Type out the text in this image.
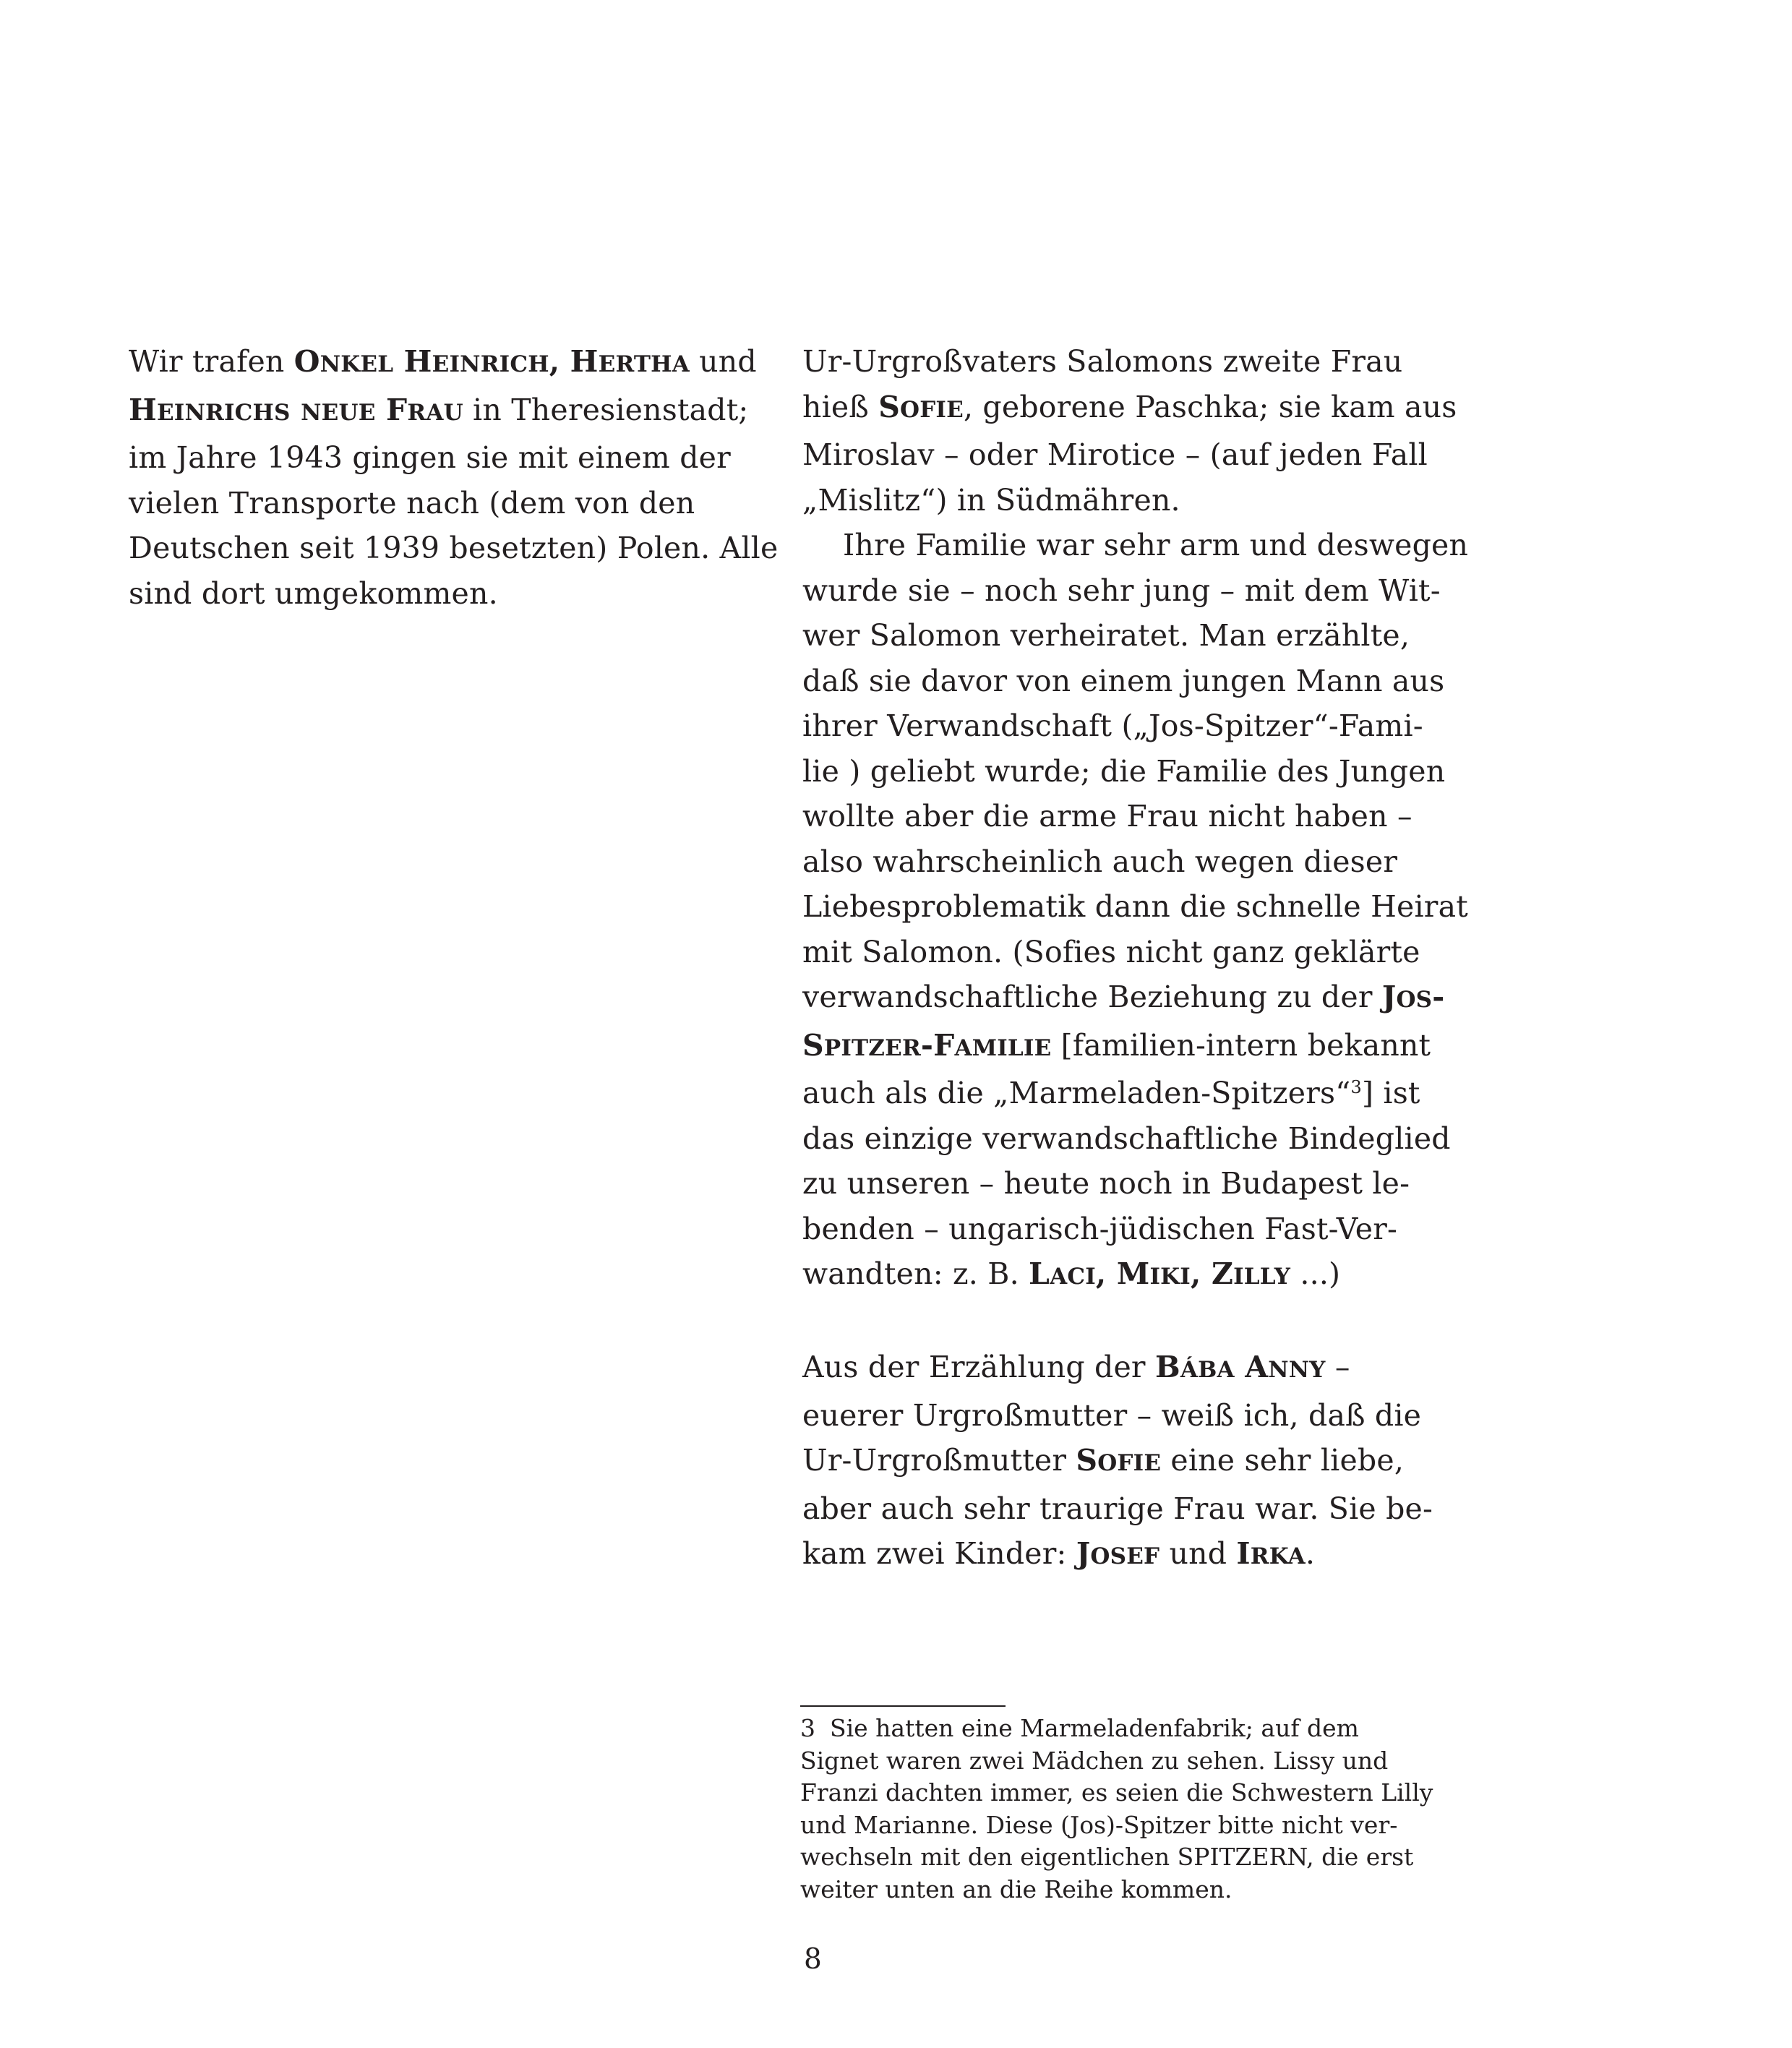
Wir trafen ONKEL HEINRICH, HERTHA und
HEINRICHS NEUE FRAU in Theresienstadt;
im Jahre 1943 gingen sie mit einem der
vielen Transporte nach (dem von den
Deutschen seit 1939 besetzten) Polen. Alle
sind dort umgekommen.
Ur-Urgroßvaters Salomons zweite Frau
hieß SOFIE, geborene Paschka; sie kam aus
Miroslav – oder Mirotice – (auf jeden Fall
„Mislitz“) in Südmähren.
Ihre Familie war sehr arm und deswegen
wurde sie – noch sehr jung – mit dem Wit-
wer Salomon verheiratet. Man erzählte,
daß sie davor von einem jungen Mann aus
ihrer Verwandschaft („Jos-Spitzer“-Fami-
lie ) geliebt wurde; die Familie des Jungen
wollte aber die arme Frau nicht haben –
also wahrscheinlich auch wegen dieser
Liebesproblematik dann die schnelle Heirat
mit Salomon. (Sofies nicht ganz geklärte
verwandschaftliche Beziehung zu der JOS-
SPITZER-FAMILIE [familien-intern bekannt
auch als die „Marmeladen-Spitzers“$^3$] ist
das einzige verwandschaftliche Bindeglied
zu unseren – heute noch in Budapest le-
benden – ungarisch-jüdischen Fast-Ver-
wandten: z. B. LACI, MIKI, ZILLY ...)
Aus der Erzählung der BÁBA ANNY –
euerer Urgroßmutter – weiß ich, daß die
Ur-Urgroßmutter SOFIE eine sehr liebe,
aber auch sehr traurige Frau war. Sie be-
kam zwei Kinder: JOSEF und IRKA.
3 Sie hatten eine Marmeladenfabrik; auf dem
Signet waren zwei Mädchen zu sehen. Lissy und
Franzi dachten immer, es seien die Schwestern Lilly
und Marianne. Diese (Jos)-Spitzer bitte nicht ver-
wechseln mit den eigentlichen SPITZERN, die erst
weiter unten an die Reihe kommen.
8
